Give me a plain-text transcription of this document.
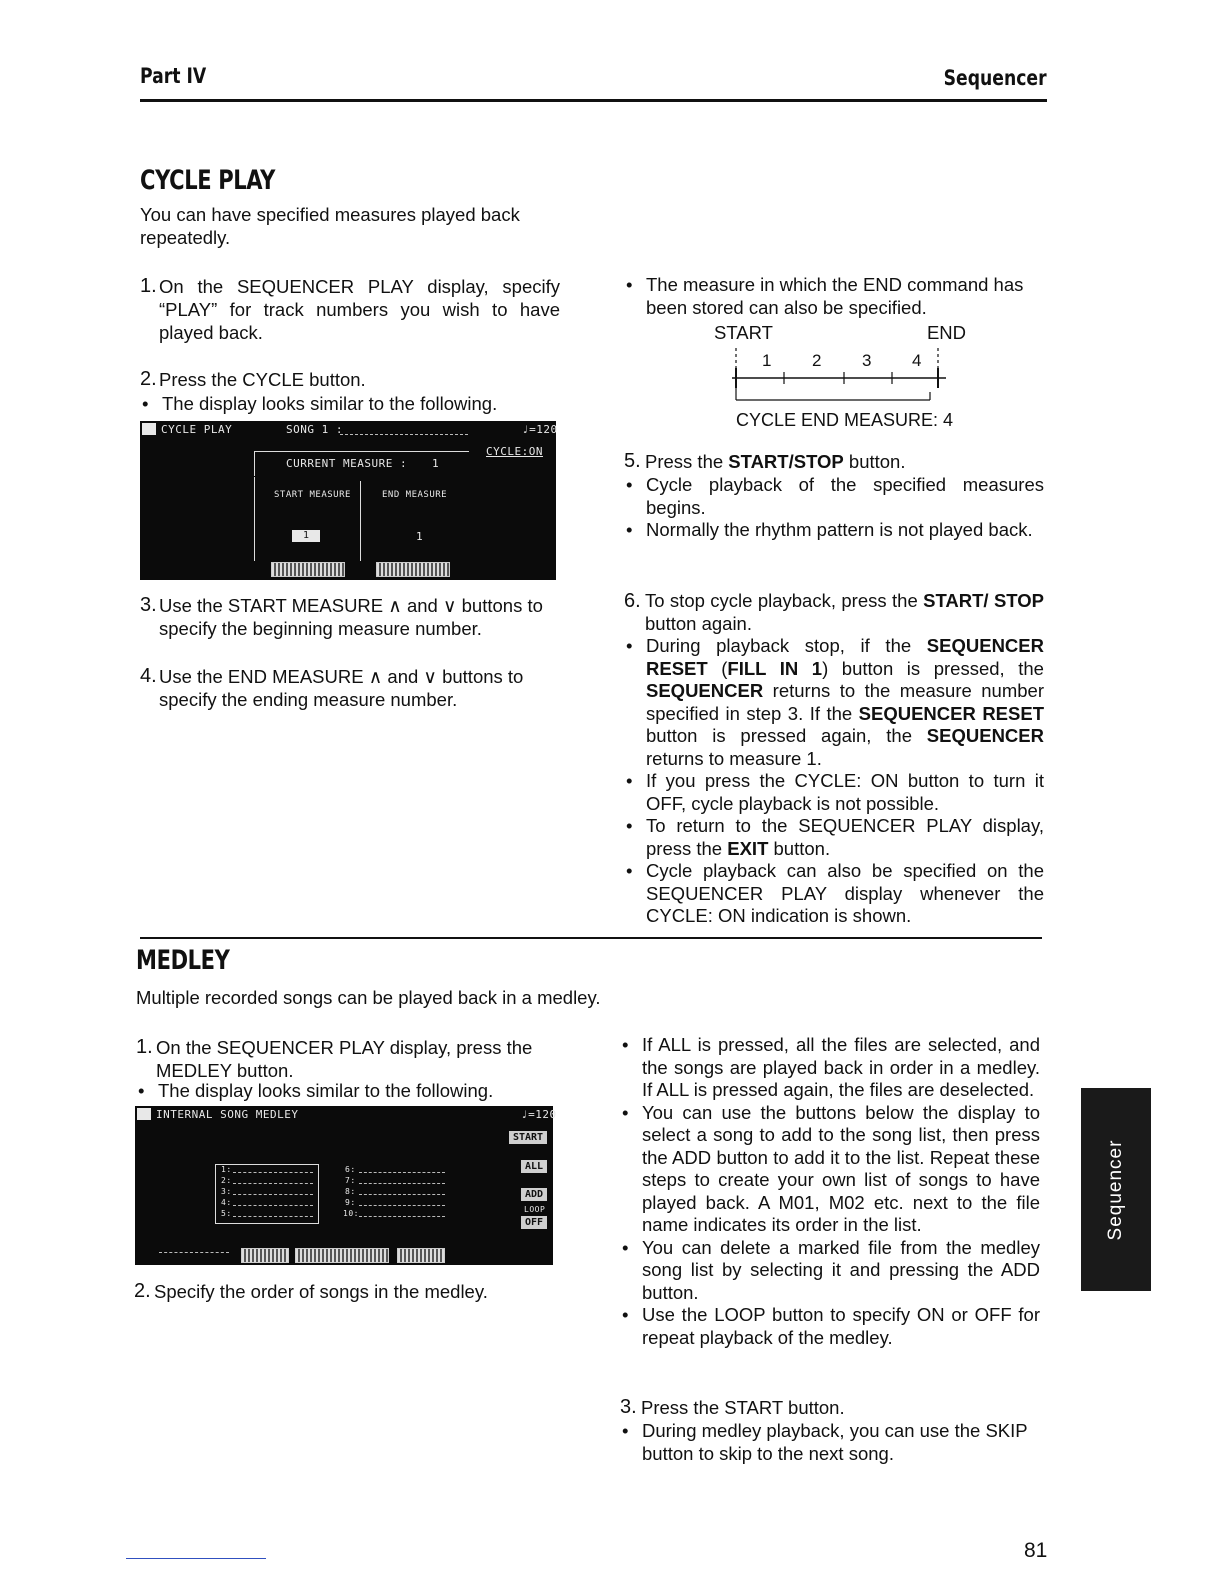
Part IV	Sequencer
CYCLE PLAY
You can have specified measures played back repeatedly.
1. On the SEQUENCER PLAY display, specify “PLAY” for track numbers you wish to have played back.
2. Press the CYCLE button.
• The display looks similar to the following.
CYCLE PLAY	SONG 1 :	♩=120
CYCLE:ON
CURRENT MEASURE : 1
START MEASURE	END MEASURE
1	1
3. Use the START MEASURE ∧ and ∨ buttons to specify the beginning measure number.
4. Use the END MEASURE ∧ and ∨ buttons to specify the ending measure number.
• The measure in which the END command has been stored can also be specified.
START	END
1 2 3 4
CYCLE END MEASURE: 4
5. Press the START/STOP button.
• Cycle playback of the specified measures begins.
• Normally the rhythm pattern is not played back.
6. To stop cycle playback, press the START/ STOP button again.
• During playback stop, if the SEQUENCER RESET (FILL IN 1) button is pressed, the SEQUENCER returns to the measure number specified in step 3. If the SEQUENCER RESET button is pressed again, the SEQUENCER returns to measure 1.
• If you press the CYCLE: ON button to turn it OFF, cycle playback is not possible.
• To return to the SEQUENCER PLAY display, press the EXIT button.
• Cycle playback can also be specified on the SEQUENCER PLAY display whenever the CYCLE: ON indication is shown.
MEDLEY
Multiple recorded songs can be played back in a medley.
1. On the SEQUENCER PLAY display, press the MEDLEY button.
• The display looks similar to the following.
INTERNAL SONG MEDLEY	♩=120
START
ALL
ADD
LOOP
OFF
1:
2:
3:
4:
5:
6:
7:
8:
9:
10:
2. Specify the order of songs in the medley.
• If ALL is pressed, all the files are selected, and the songs are played back in order in a medley. If ALL is pressed again, the files are deselected.
• You can use the buttons below the display to select a song to add to the song list, then press the ADD button to add it to the list. Repeat these steps to create your own list of songs to have played back. A M01, M02 etc. next to the file name indicates its order in the list.
• You can delete a marked file from the medley song list by selecting it and pressing the ADD button.
• Use the LOOP button to specify ON or OFF for repeat playback of the medley.
3. Press the START button.
• During medley playback, you can use the SKIP button to skip to the next song.
Sequencer
81
